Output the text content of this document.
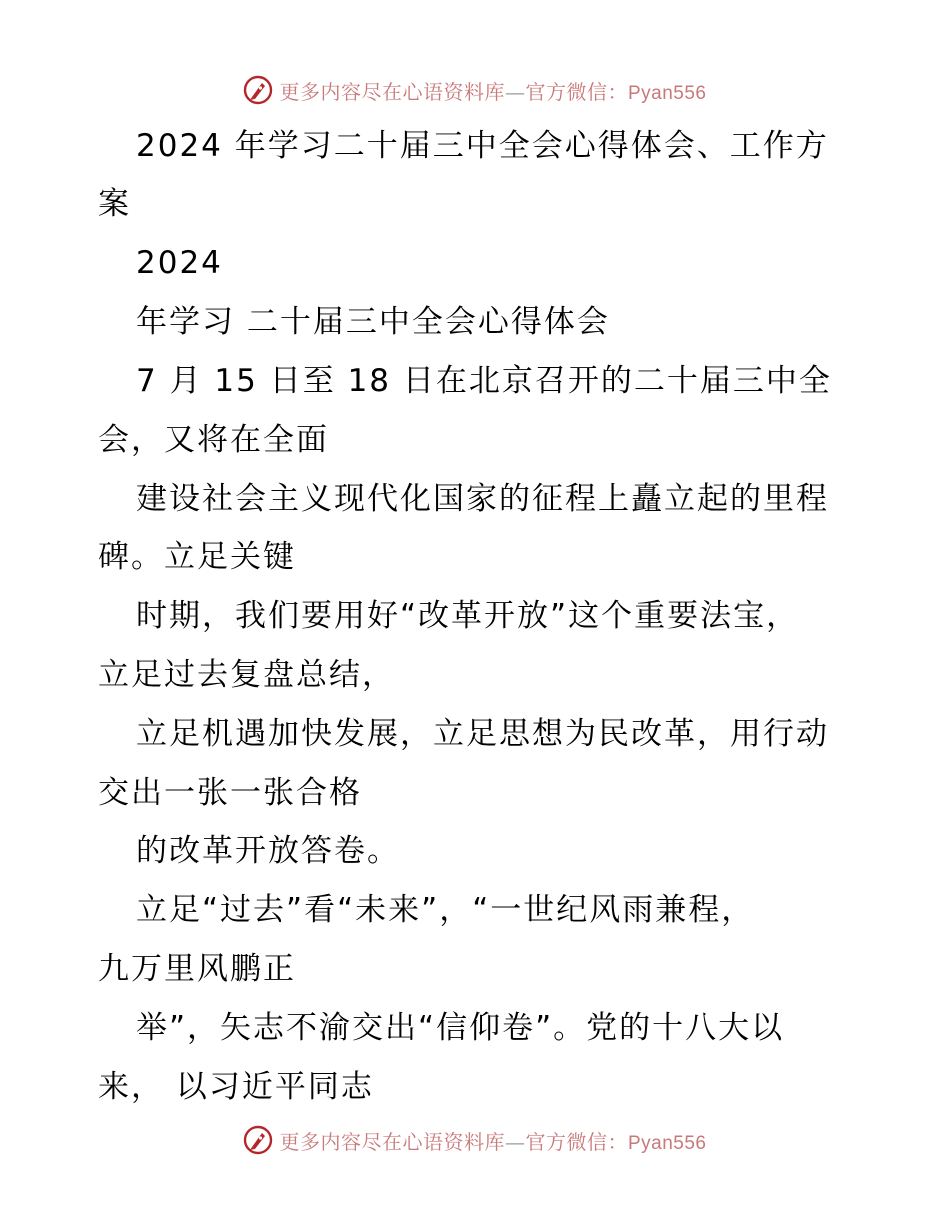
更多内容尽在心语资料库—官方微信：Pyan556
2024 年学习二十届三中全会心得体会、工作方
案
2024
年学习 二十届三中全会心得体会
7 月 15 日至 18 日在北京召开的二十届三中全
会，又将在全面
建设社会主义现代化国家的征程上矗立起的里程
碑。立足关键
时期，我们要用好“改革开放”这个重要法宝，
立足过去复盘总结，
立足机遇加快发展，立足思想为民改革，用行动
交出一张一张合格
的改革开放答卷。
立足“过去”看“未来”，“一世纪风雨兼程，
九万里风鹏正
举”，矢志不渝交出“信仰卷”。党的十八大以
来， 以习近平同志
更多内容尽在心语资料库—官方微信：Pyan556
